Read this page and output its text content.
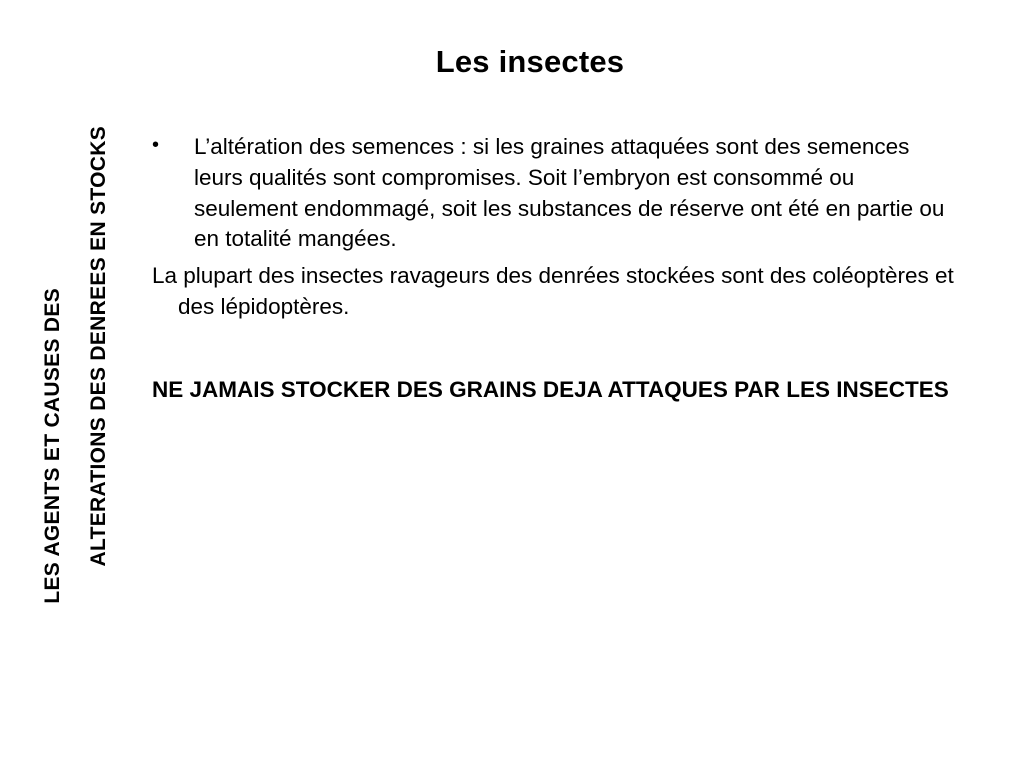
Les insectes
LES AGENTS ET CAUSES DES ALTERATIONS DES DENREES EN STOCKS •	L’altération des semences : si les graines attaquées sont des semences leurs qualités sont compromises. Soit l’embryon est consommé ou seulement endommagé, soit les substances de réserve ont été en partie ou en totalité mangées.
La plupart des insectes ravageurs des denrées stockées sont des coléoptères et des lépidoptères.
NE JAMAIS STOCKER DES GRAINS DEJA ATTAQUES PAR LES INSECTES
